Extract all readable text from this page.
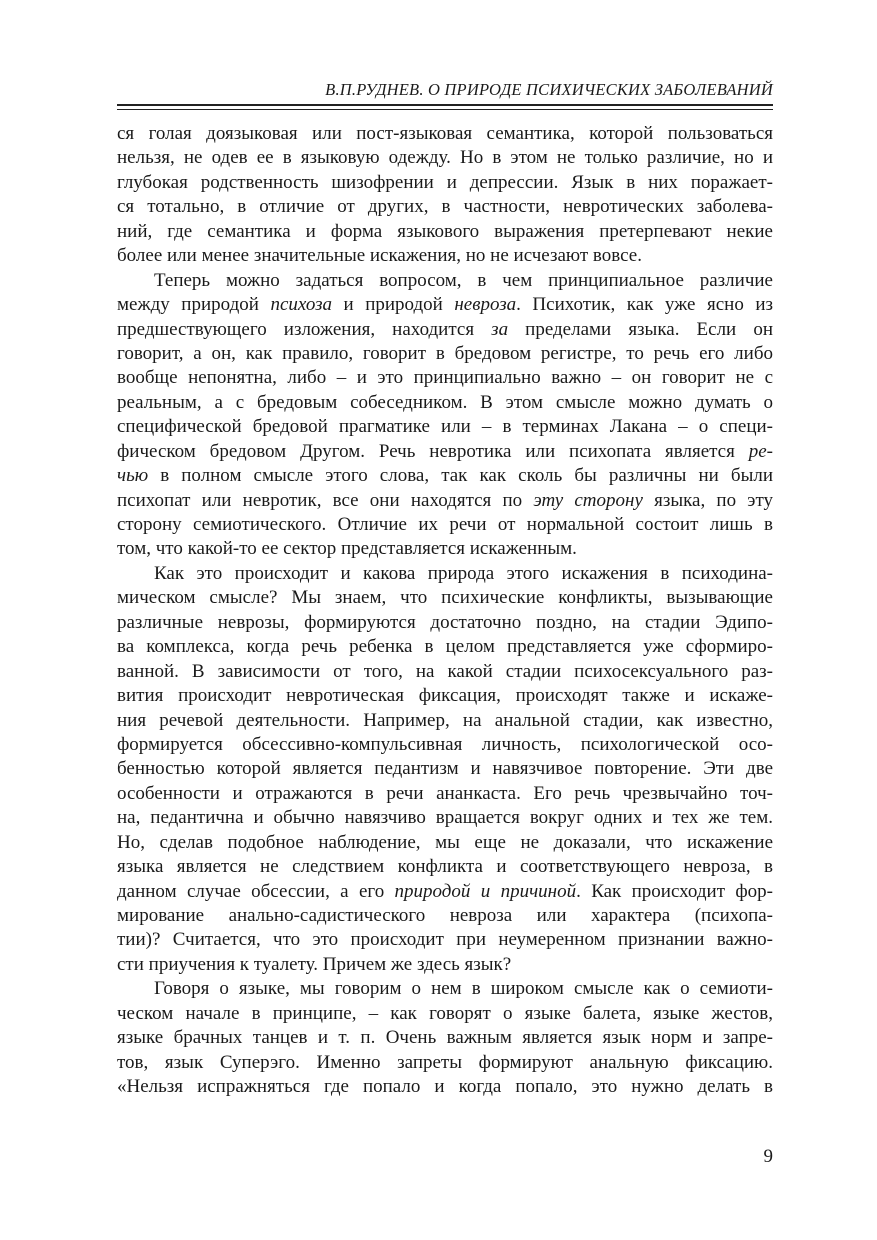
В.П.РУДНЕВ. О ПРИРОДЕ ПСИХИЧЕСКИХ ЗАБОЛЕВАНИЙ
ся голая доязыковая или пост-языковая семантика, которой пользоваться
нельзя, не одев ее в языковую одежду. Но в этом не только различие, но и
глубокая родственность шизофрении и депрессии. Язык в них поражает-
ся тотально, в отличие от других, в частности, невротических заболева-
ний, где семантика и форма языкового выражения претерпевают некие
более или менее значительные искажения, но не исчезают вовсе.
Теперь можно задаться вопросом, в чем принципиальное различие
между природой психоза и природой невроза. Психотик, как уже ясно из
предшествующего изложения, находится за пределами языка. Если он
говорит, а он, как правило, говорит в бредовом регистре, то речь его либо
вообще непонятна, либо – и это принципиально важно – он говорит не с
реальным, а с бредовым собеседником. В этом смысле можно думать о
специфической бредовой прагматике или – в терминах Лакана – о специ-
фическом бредовом Другом. Речь невротика или психопата является ре-
чью в полном смысле этого слова, так как сколь бы различны ни были
психопат или невротик, все они находятся по эту сторону языка, по эту
сторону семиотического. Отличие их речи от нормальной состоит лишь в
том, что какой-то ее сектор представляется искаженным.
Как это происходит и какова природа этого искажения в психодина-
мическом смысле? Мы знаем, что психические конфликты, вызывающие
различные неврозы, формируются достаточно поздно, на стадии Эдипо-
ва комплекса, когда речь ребенка в целом представляется уже сформиро-
ванной. В зависимости от того, на какой стадии психосексуального раз-
вития происходит невротическая фиксация, происходят также и искаже-
ния речевой деятельности. Например, на анальной стадии, как известно,
формируется обсессивно-компульсивная личность, психологической осо-
бенностью которой является педантизм и навязчивое повторение. Эти две
особенности и отражаются в речи ананкаста. Его речь чрезвычайно точ-
на, педантична и обычно навязчиво вращается вокруг одних и тех же тем.
Но, сделав подобное наблюдение, мы еще не доказали, что искажение
языка является не следствием конфликта и соответствующего невроза, в
данном случае обсессии, а его природой и причиной. Как происходит фор-
мирование анально-садистического невроза или характера (психопа-
тии)? Считается, что это происходит при неумеренном признании важно-
сти приучения к туалету. Причем же здесь язык?
Говоря о языке, мы говорим о нем в широком смысле как о семиоти-
ческом начале в принципе, – как говорят о языке балета, языке жестов,
языке брачных танцев и т. п. Очень важным является язык норм и запре-
тов, язык Суперэго. Именно запреты формируют анальную фиксацию.
«Нельзя испражняться где попало и когда попало, это нужно делать в
9
